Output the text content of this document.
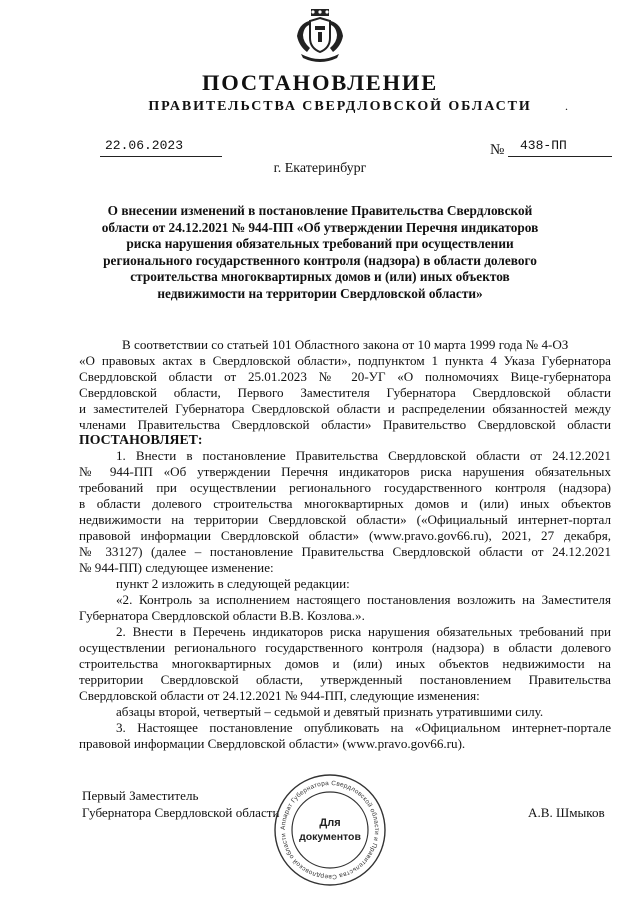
ПОСТАНОВЛЕНИЕ
ПРАВИТЕЛЬСТВА СВЕРДЛОВСКОЙ ОБЛАСТИ	.
22.06.2023	№ 438-ПП
г. Екатеринбург
О внесении изменений в постановление Правительства Свердловской области от 24.12.2021 № 944-ПП «Об утверждении Перечня индикаторов риска нарушения обязательных требований при осуществлении регионального государственного контроля (надзора) в области долевого строительства многоквартирных домов и (или) иных объектов недвижимости на территории Свердловской области»
В соответствии со статьей 101 Областного закона от 10 марта 1999 года № 4-ОЗ
«О правовых актах в Свердловской области», подпунктом 1 пункта 4 Указа Губернатора
Свердловской области от 25.01.2023 № 20-УГ «О полномочиях Вице-губернатора
Свердловской области, Первого Заместителя Губернатора Свердловской области
и заместителей Губернатора Свердловской области и распределении обязанностей между
членами Правительства Свердловской области» Правительство Свердловской области
ПОСТАНОВЛЯЕТ:
1. Внести в постановление Правительства Свердловской области от 24.12.2021
№ 944-ПП «Об утверждении Перечня индикаторов риска нарушения обязательных
требований при осуществлении регионального государственного контроля (надзора)
в области долевого строительства многоквартирных домов и (или) иных объектов
недвижимости на территории Свердловской области» («Официальный интернет-портал
правовой информации Свердловской области» (www.pravo.gov66.ru), 2021, 27 декабря,
№ 33127) (далее – постановление Правительства Свердловской области от 24.12.2021
№ 944-ПП) следующее изменение:
пункт 2 изложить в следующей редакции:
«2. Контроль за исполнением настоящего постановления возложить на Заместителя
Губернатора Свердловской области В.В. Козлова.».
2. Внести в Перечень индикаторов риска нарушения обязательных требований при
осуществлении регионального государственного контроля (надзора) в области долевого
строительства многоквартирных домов и (или) иных объектов недвижимости на
территории Свердловской области, утвержденный постановлением Правительства
Свердловской области от 24.12.2021 № 944-ПП, следующие изменения:
абзацы второй, четвертый – седьмой и девятый признать утратившими силу.
3. Настоящее постановление опубликовать на «Официальном интернет-портале
правовой информации Свердловской области» (www.pravo.gov66.ru).
Первый Заместитель
Губернатора Свердловской области	А.В. Шмыков
Аппарат Губернатора Свердловской области и Правительства Свердловской области
Для
документов
